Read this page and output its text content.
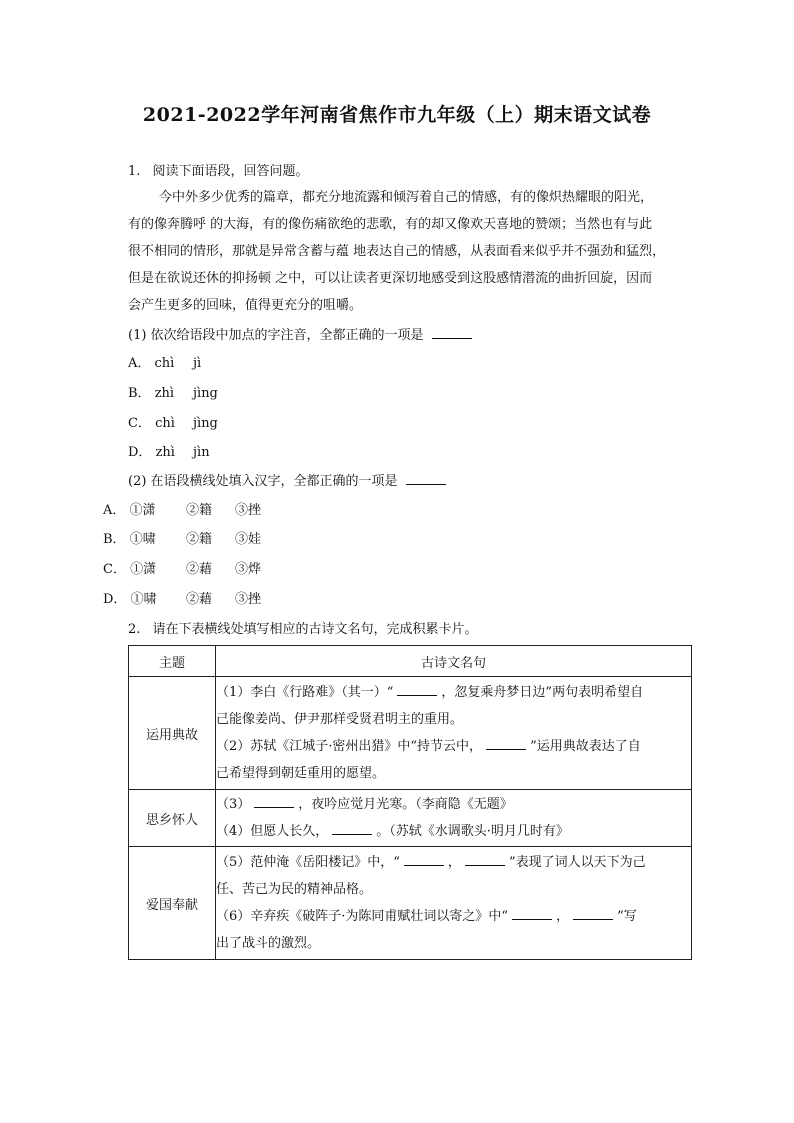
2021-2022学年河南省焦作市九年级（上）期末语文试卷
1. 阅读下面语段，回答问题。
今中外多少优秀的篇章，都充分地流露和倾泻着自己的情感，有的像炽热耀眼的阳光，
有的像奔腾呼 的大海，有的像伤痛欲绝的悲歌，有的却又像欢天喜地的赞颂；当然也有与此
很不相同的情形，那就是异常含蓄与蕴 地表达自己的情感，从表面看来似乎并不强劲和猛烈，
但是在欲说还休的抑扬顿 之中，可以让读者更深切地感受到这股感情潜流的曲折回旋，因而
会产生更多的回味，值得更充分的咀嚼。
(1) 依次给语段中加点的字注音，全都正确的一项是
A． chì jì
B． zhì jìng
C． chì jìng
D． zhì jìn
(2) 在语段横线处填入汉字，全都正确的一项是
A． ①潇 ②籍 ③挫
B． ①啸 ②籍 ③娃
C． ①潇 ②藉 ③烨
D． ①啸 ②藉 ③挫
2. 请在下表横线处填写相应的古诗文名句，完成积累卡片。
主题	古诗文名句
运用典故	（1）李白《行路难》（其一）“ ，忽复乘舟梦日边”两句表明希望自
己能像姜尚、伊尹那样受贤君明主的重用。
（2）苏轼《江城子·密州出猎》中“持节云中， ”运用典故表达了自
己希望得到朝廷重用的愿望。

思乡怀人	（3） ，夜吟应觉月光寒。（李商隐《无题》
（4）但愿人长久， 。（苏轼《水调歌头·明月几时有》

爱国奉献	（5）范仲淹《岳阳楼记》中，“ ， ”表现了词人以天下为己
任、苦己为民的精神品格。
（6）辛弃疾《破阵子·为陈同甫赋壮词以寄之》中“ ， ”写
出了战斗的激烈。
